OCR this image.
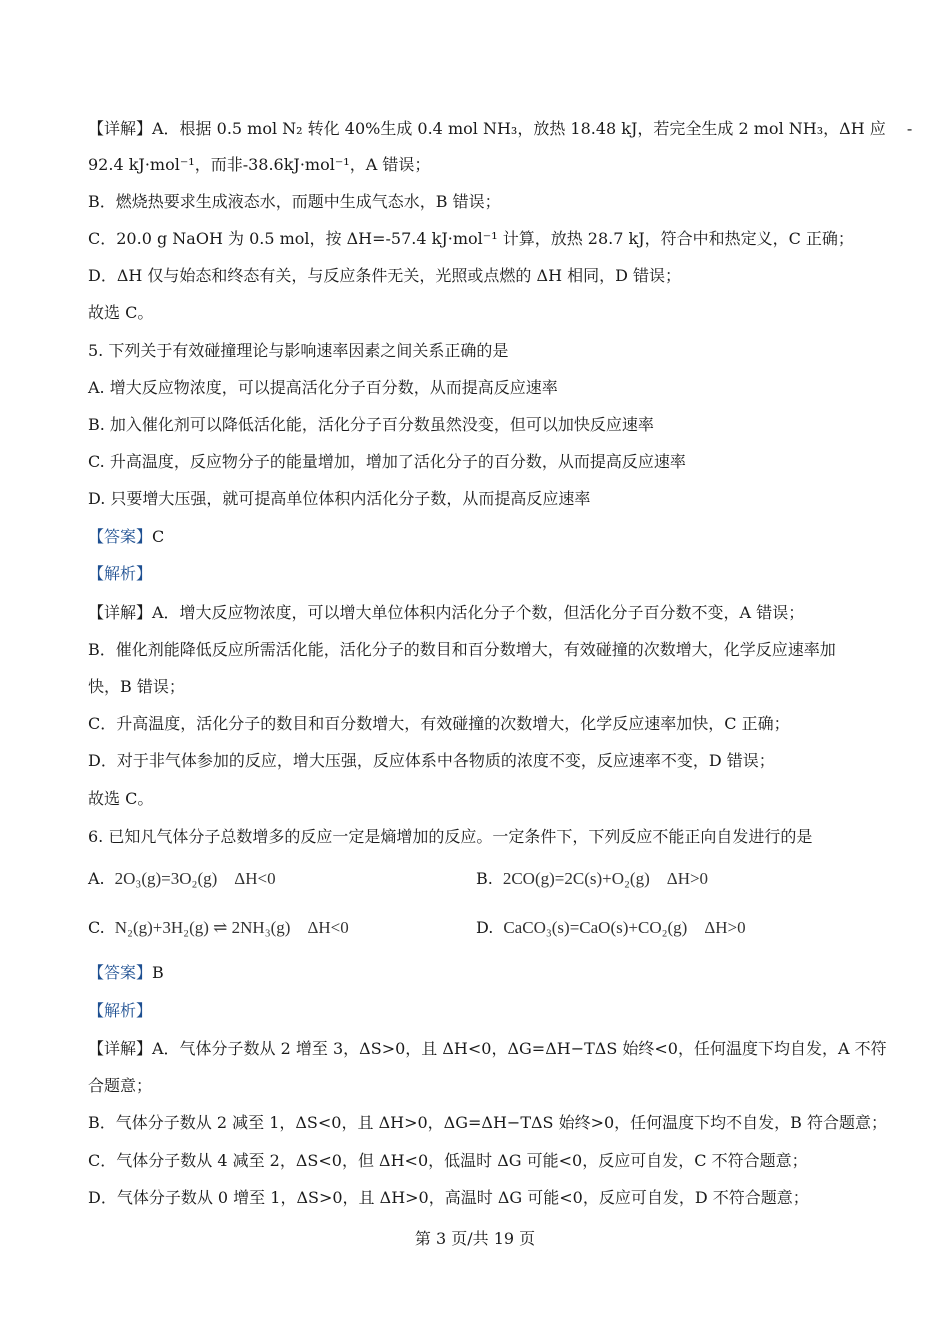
【详解】A．根据 0.5 mol N₂ 转化 40%生成 0.4 mol NH₃，放热 18.48 kJ，若完全生成 2 mol NH₃，ΔH 应　 -
92.4 kJ·mol⁻¹，而非-38.6kJ·mol⁻¹，A 错误；
B．燃烧热要求生成液态水，而题中生成气态水，B 错误；
C．20.0 g NaOH 为 0.5 mol，按 ΔH=-57.4 kJ·mol⁻¹ 计算，放热 28.7 kJ，符合中和热定义，C 正确；
D．ΔH 仅与始态和终态有关，与反应条件无关，光照或点燃的 ΔH 相同，D 错误；
故选 C。
5. 下列关于有效碰撞理论与影响速率因素之间关系正确的是
A. 增大反应物浓度，可以提高活化分子百分数，从而提高反应速率
B. 加入催化剂可以降低活化能，活化分子百分数虽然没变，但可以加快反应速率
C. 升高温度，反应物分子的能量增加，增加了活化分子的百分数，从而提高反应速率
D. 只要增大压强，就可提高单位体积内活化分子数，从而提高反应速率
【答案】C
【解析】
【详解】A．增大反应物浓度，可以增大单位体积内活化分子个数，但活化分子百分数不变，A 错误；
B．催化剂能降低反应所需活化能，活化分子的数目和百分数增大，有效碰撞的次数增大，化学反应速率加
快，B 错误；
C．升高温度，活化分子的数目和百分数增大，有效碰撞的次数增大，化学反应速率加快，C 正确；
D．对于非气体参加的反应，增大压强，反应体系中各物质的浓度不变，反应速率不变，D 错误；
故选 C。
6. 已知凡气体分子总数增多的反应一定是熵增加的反应。一定条件下，下列反应不能正向自发进行的是
A. 2O₃(g)=3O₂(g)　ΔH<0	B. 2CO(g)=2C(s)+O₂(g)　ΔH>0
C. N₂(g)+3H₂(g) ⇌ 2NH₃(g)　ΔH<0	D. CaCO₃(s)=CaO(s)+CO₂(g)　ΔH>0
【答案】B
【解析】
【详解】A．气体分子数从 2 增至 3，ΔS>0，且 ΔH<0，ΔG=ΔH−TΔS 始终<0，任何温度下均自发，A 不符
合题意；
B．气体分子数从 2 减至 1，ΔS<0，且 ΔH>0，ΔG=ΔH−TΔS 始终>0，任何温度下均不自发，B 符合题意；
C．气体分子数从 4 减至 2，ΔS<0，但 ΔH<0，低温时 ΔG 可能<0，反应可自发，C 不符合题意；
D．气体分子数从 0 增至 1，ΔS>0，且 ΔH>0，高温时 ΔG 可能<0，反应可自发，D 不符合题意；
第 3 页/共 19 页
